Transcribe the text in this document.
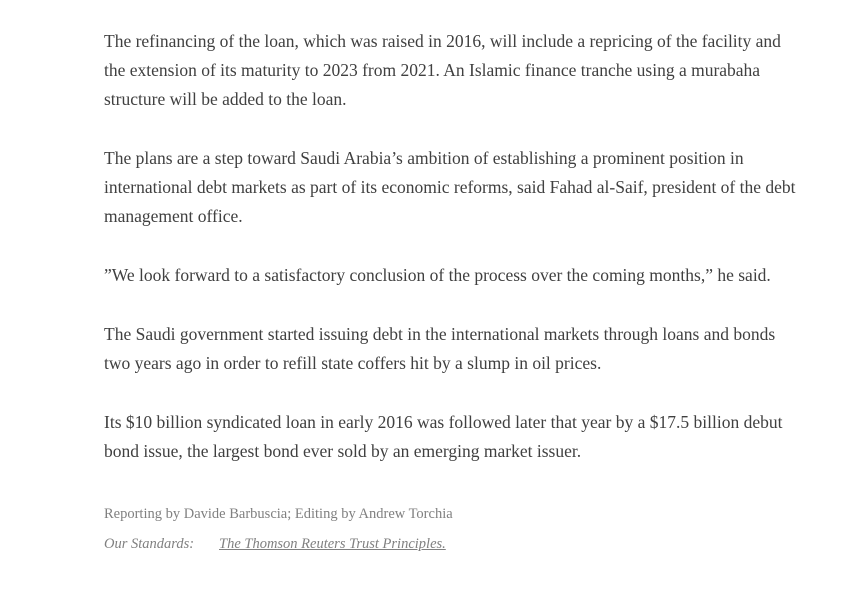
The refinancing of the loan, which was raised in 2016, will include a repricing of the facility and the extension of its maturity to 2023 from 2021. An Islamic finance tranche using a murabaha structure will be added to the loan.

The plans are a step toward Saudi Arabia’s ambition of establishing a prominent position in international debt markets as part of its economic reforms, said Fahad al-Saif, president of the debt management office.

”We look forward to a satisfactory conclusion of the process over the coming months,” he said.

The Saudi government started issuing debt in the international markets through loans and bonds two years ago in order to refill state coffers hit by a slump in oil prices.

Its $10 billion syndicated loan in early 2016 was followed later that year by a $17.5 billion debut bond issue, the largest bond ever sold by an emerging market issuer.

Reporting by Davide Barbuscia; Editing by Andrew Torchia
Our Standards: The Thomson Reuters Trust Principles.
